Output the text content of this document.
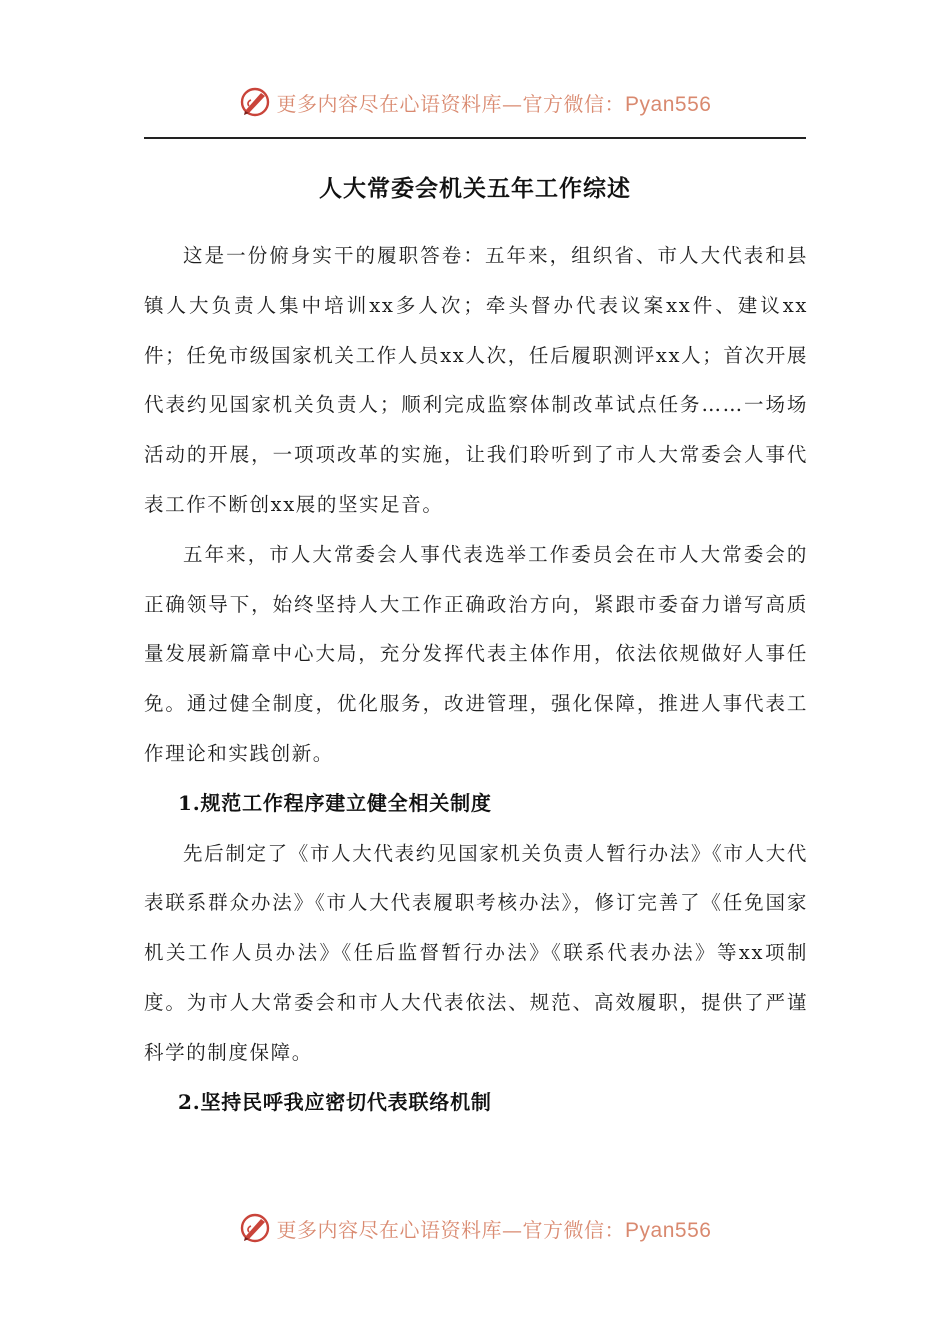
更多内容尽在心语资料库—官方微信：Pyan556
人大常委会机关五年工作综述

这是一份俯身实干的履职答卷：五年来，组织省、市人大代表和县镇人大负责人集中培训xx多人次；牵头督办代表议案xx件、建议xx件；任免市级国家机关工作人员xx人次，任后履职测评xx人；首次开展代表约见国家机关负责人；顺利完成监察体制改革试点任务……一场场活动的开展，一项项改革的实施，让我们聆听到了市人大常委会人事代表工作不断创xx展的坚实足音。

五年来，市人大常委会人事代表选举工作委员会在市人大常委会的正确领导下，始终坚持人大工作正确政治方向，紧跟市委奋力谱写高质量发展新篇章中心大局，充分发挥代表主体作用，依法依规做好人事任免。通过健全制度，优化服务，改进管理，强化保障，推进人事代表工作理论和实践创新。

1.规范工作程序建立健全相关制度

先后制定了《市人大代表约见国家机关负责人暂行办法》《市人大代表联系群众办法》《市人大代表履职考核办法》，修订完善了《任免国家机关工作人员办法》《任后监督暂行办法》《联系代表办法》等xx项制度。为市人大常委会和市人大代表依法、规范、高效履职，提供了严谨科学的制度保障。

2.坚持民呼我应密切代表联络机制

更多内容尽在心语资料库—官方微信：Pyan556
